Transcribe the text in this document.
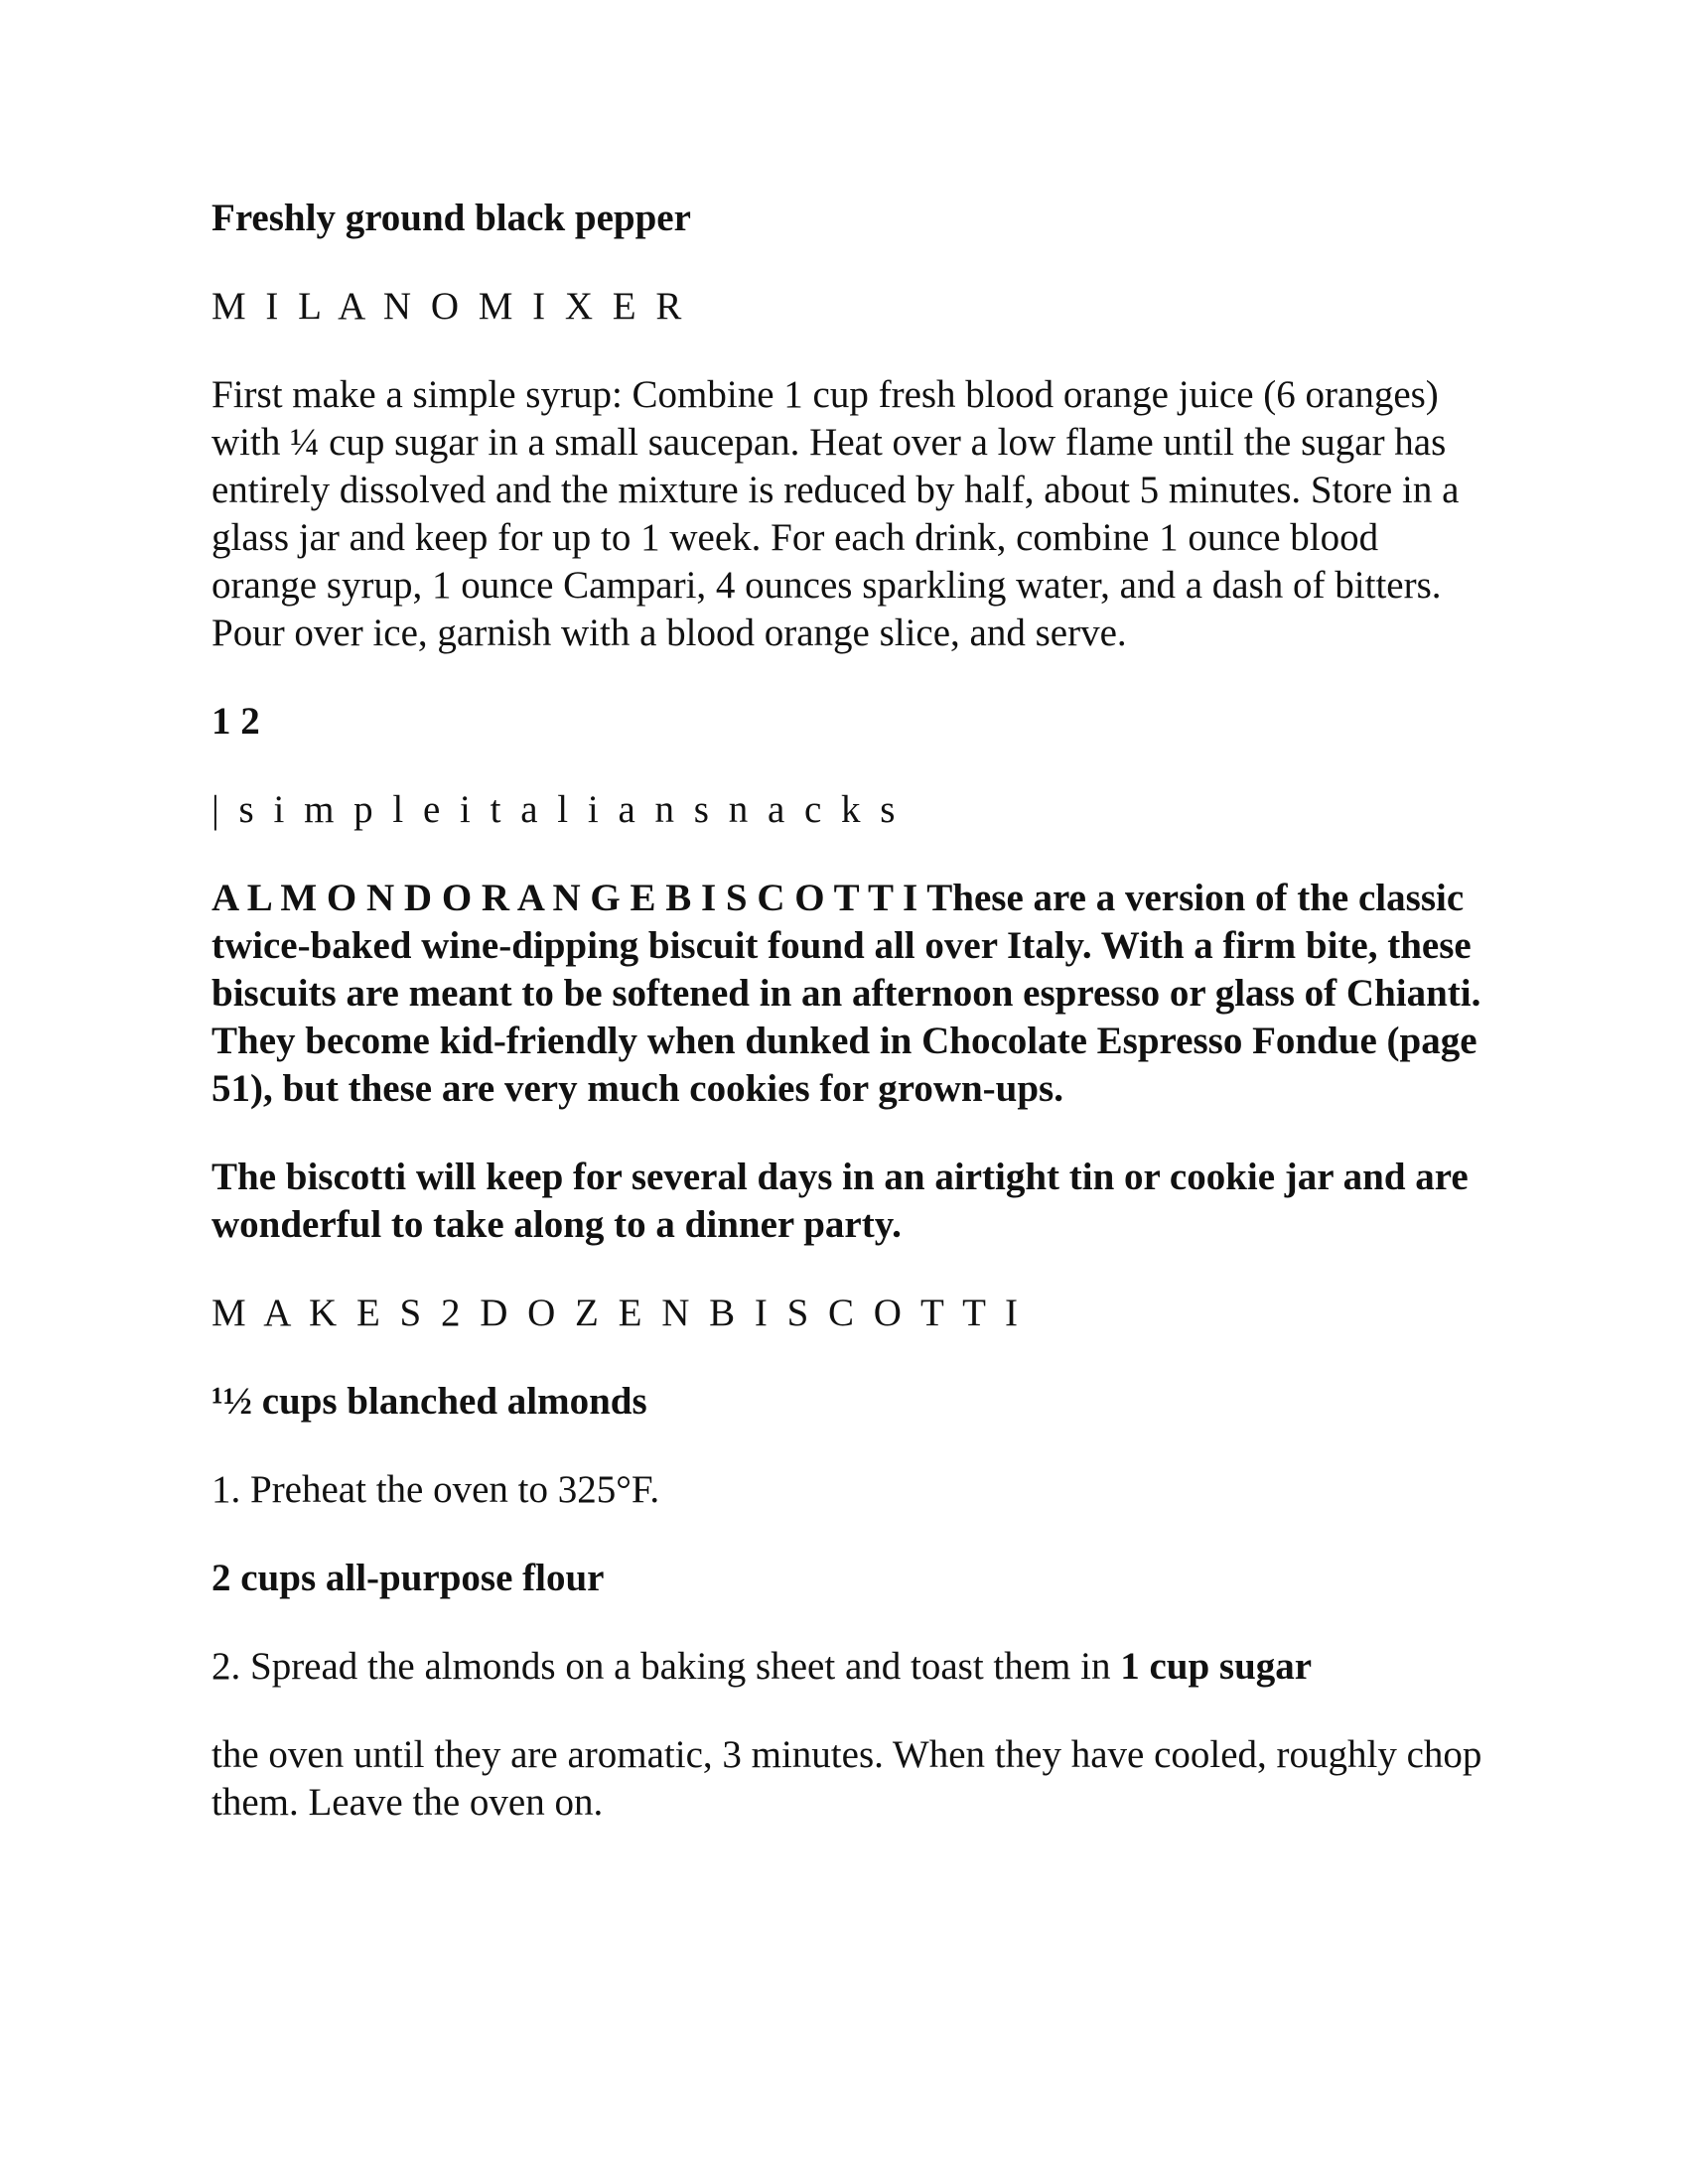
Freshly ground black pepper

M I L A N O M I X E R

First make a simple syrup: Combine 1 cup fresh blood orange juice (6 oranges) with ¼ cup sugar in a small saucepan. Heat over a low flame until the sugar has entirely dissolved and the mixture is reduced by half, about 5 minutes. Store in a glass jar and keep for up to 1 week. For each drink, combine 1 ounce blood orange syrup, 1 ounce Campari, 4 ounces sparkling water, and a dash of bitters. Pour over ice, garnish with a blood orange slice, and serve.

1 2

| s i m p l e i t a l i a n s n a c k s

A L M O N D O R A N G E B I S C O T T I These are a version of the classic twice-baked wine-dipping biscuit found all over Italy. With a firm bite, these biscuits are meant to be softened in an afternoon espresso or glass of Chianti. They become kid-friendly when dunked in Chocolate Espresso Fondue (page 51), but these are very much cookies for grown-ups.

The biscotti will keep for several days in an airtight tin or cookie jar and are wonderful to take along to a dinner party.

M A K E S 2 D O Z E N B I S C O T T I

¹½ cups blanched almonds

1. Preheat the oven to 325°F.

2 cups all-purpose flour

2. Spread the almonds on a baking sheet and toast them in 1 cup sugar

the oven until they are aromatic, 3 minutes. When they have cooled, roughly chop them. Leave the oven on.
